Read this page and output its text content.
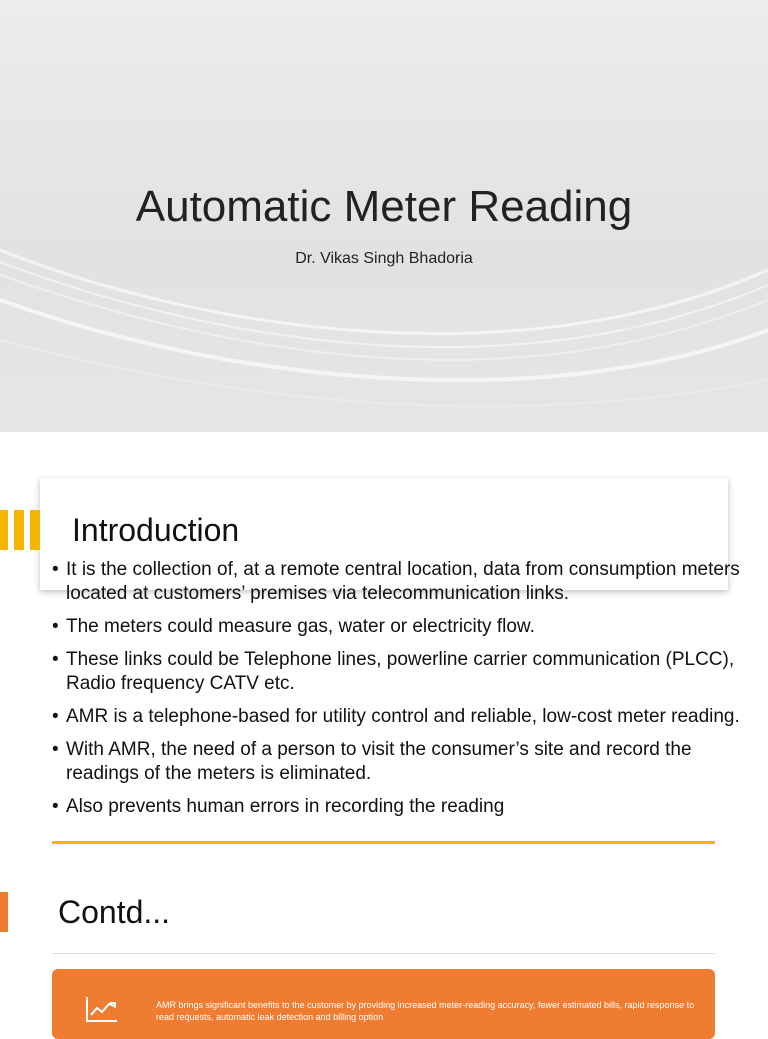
Automatic Meter Reading
Dr. Vikas Singh Bhadoria
Introduction
• It is the collection of, at a remote central location, data from consumption meters located at customers’ premises via telecommunication links.
• The meters could measure gas, water or electricity flow.
• These links could be Telephone lines, powerline carrier communication (PLCC), Radio frequency CATV etc.
• AMR is a telephone-based for utility control and reliable, low-cost meter reading.
• With AMR, the need of a person to visit the consumer’s site and record the readings of the meters is eliminated.
• Also prevents human errors in recording the reading
Contd...
AMR brings significant benefits to the customer by providing increased meter-reading accuracy, fewer estimated bills, rapid response to read requests, automatic leak detection and billing option
